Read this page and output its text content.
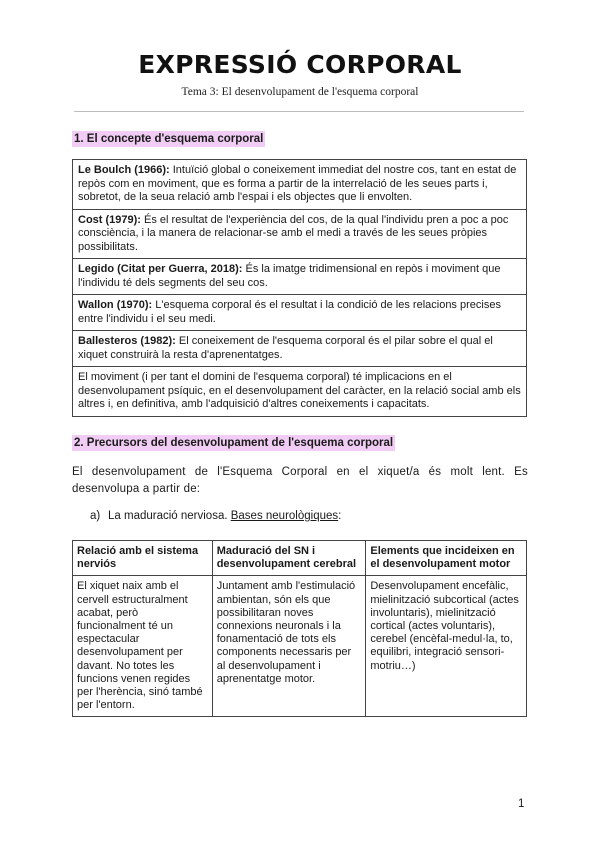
EXPRESSIÓ CORPORAL
Tema 3: El desenvolupament de l'esquema corporal
1. El concepte d'esquema corporal
Le Boulch (1966): Intuïció global o coneixement immediat del nostre cos, tant en estat de repòs com en moviment, que es forma a partir de la interrelació de les seues parts i, sobretot, de la seua relació amb l'espai i els objectes que li envolten.
Cost (1979): És el resultat de l'experiència del cos, de la qual l'individu pren a poc a poc consciència, i la manera de relacionar-se amb el medi a través de les seues pròpies possibilitats.
Legido (Citat per Guerra, 2018): És la imatge tridimensional en repòs i moviment que l'individu té dels segments del seu cos.
Wallon (1970): L'esquema corporal és el resultat i la condició de les relacions precises entre l'individu i el seu medi.
Ballesteros (1982): El coneixement de l'esquema corporal és el pilar sobre el qual el xiquet construirà la resta d'aprenentatges.
El moviment (i per tant el domini de l'esquema corporal) té implicacions en el desenvolupament psíquic, en el desenvolupament del caràcter, en la relació social amb els altres i, en definitiva, amb l'adquisició d'altres coneixements i capacitats.
2. Precursors del desenvolupament de l'esquema corporal
El desenvolupament de l'Esquema Corporal en el xiquet/a és molt lent. Es desenvolupa a partir de:
a) La maduració nerviosa. Bases neurològiques:
Relació amb el sistema nerviós	Maduració del SN i desenvolupament cerebral	Elements que incideixen en el desenvolupament motor
El xiquet naix amb el cervell estructuralment acabat, però funcionalment té un espectacular desenvolupament per davant. No totes les funcions venen regides per l'herència, sinó també per l'entorn.	Juntament amb l'estimulació ambientan, són els que possibilitaran noves connexions neuronals i la fonamentació de tots els components necessaris per al desenvolupament i aprenentatge motor.	Desenvolupament encefàlic, mielinització subcortical (actes involuntaris), mielinització cortical (actes voluntaris), cerebel (encèfal-medul·la, to, equilibri, integració sensori-motriu…)
1
